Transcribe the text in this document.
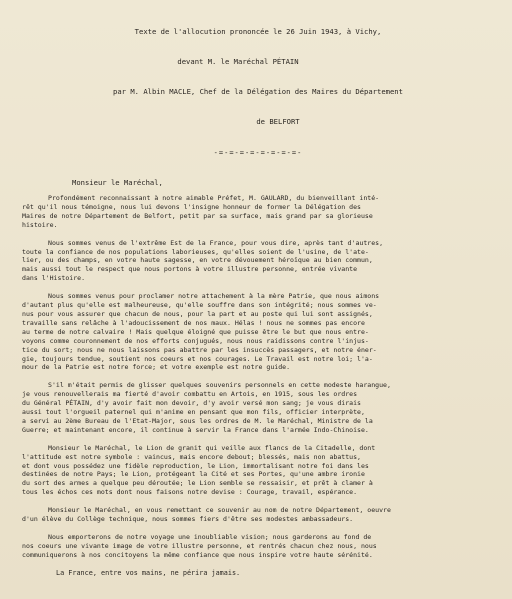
Texte de l'allocution prononcée le 26 Juin 1943, à Vichy,

devant M. le Maréchal PÉTAIN

par M. Albin MACLE, Chef de la Délégation des Maires du Département

de BELFORT

-=-=-=-=-=-=-=-=-
Monsieur le Maréchal,
Profondément reconnaissant à notre aimable Préfet, M. GAULARD, du bienveillant inté-
rêt qu'il nous témoigne, nous lui devons l'insigne honneur de former la Délégation des
Maires de notre Département de Belfort, petit par sa surface, mais grand par sa glorieuse
histoire.
Nous sommes venus de l'extrême Est de la France, pour vous dire, après tant d'autres,
toute la confiance de nos populations laborieuses, qu'elles soient de l'usine, de l'ate-
lier, ou des champs, en votre haute sagesse, en votre dévouement héroïque au bien commun,
mais aussi tout le respect que nous portons à votre illustre personne, entrée vivante
dans l'Histoire.
Nous sommes venus pour proclamer notre attachement à la mère Patrie, que nous aimons
d'autant plus qu'elle est malheureuse, qu'elle souffre dans son intégrité; nous sommes ve-
nus pour vous assurer que chacun de nous, pour la part et au poste qui lui sont assignés,
travaille sans relâche à l'adoucissement de nos maux. Hélas ! nous ne sommes pas encore
au terme de notre calvaire ! Mais quelque éloigné que puisse être le but que nous entre-
voyons comme couronnement de nos efforts conjugués, nous nous raidissons contre l'injus-
tice du sort; nous ne nous laissons pas abattre par les insuccès passagers, et notre éner-
gie, toujours tendue, soutient nos coeurs et nos courages. Le Travail est notre loi; l'a-
mour de la Patrie est notre force; et votre exemple est notre guide.
S'il m'était permis de glisser quelques souvenirs personnels en cette modeste harangue,
je vous renouvellerais ma fierté d'avoir combattu en Artois, en 1915, sous les ordres
du Général PÉTAIN, d'y avoir fait mon devoir, d'y avoir versé mon sang; je vous dirais
aussi tout l'orgueil paternel qui m'anime en pensant que mon fils, officier interprète,
a servi au 2ème Bureau de l'Etat-Major, sous les ordres de M. le Maréchal, Ministre de la
Guerre; et maintenant encore, il continue à servir la France dans l'armée Indo-Chinoise.
Monsieur le Maréchal, le Lion de granit qui veille aux flancs de la Citadelle, dont
l'attitude est notre symbole : vaincus, mais encore debout; blessés, mais non abattus,
et dont vous possédez une fidèle reproduction, le Lion, immortalisant notre foi dans les
destinées de notre Pays; le Lion, protégeant la Cité et ses Portes, qu'une ambre ironie
du sort des armes a quelque peu déroutée; le Lion semble se ressaisir, et prêt à clamer à
tous les échos ces mots dont nous faisons notre devise : Courage, travail, espérance.
Monsieur le Maréchal, en vous remettant ce souvenir au nom de notre Département, oeuvre
d'un élève du Collège technique, nous sommes fiers d'être ses modestes ambassadeurs.
Nous emporterons de notre voyage une inoubliable vision; nous garderons au fond de
nos coeurs une vivante image de votre illustre personne, et rentrés chacun chez nous, nous
communiquerons à nos concitoyens la même confiance que nous inspire votre haute sérénité.
La France, entre vos mains, ne périra jamais.
